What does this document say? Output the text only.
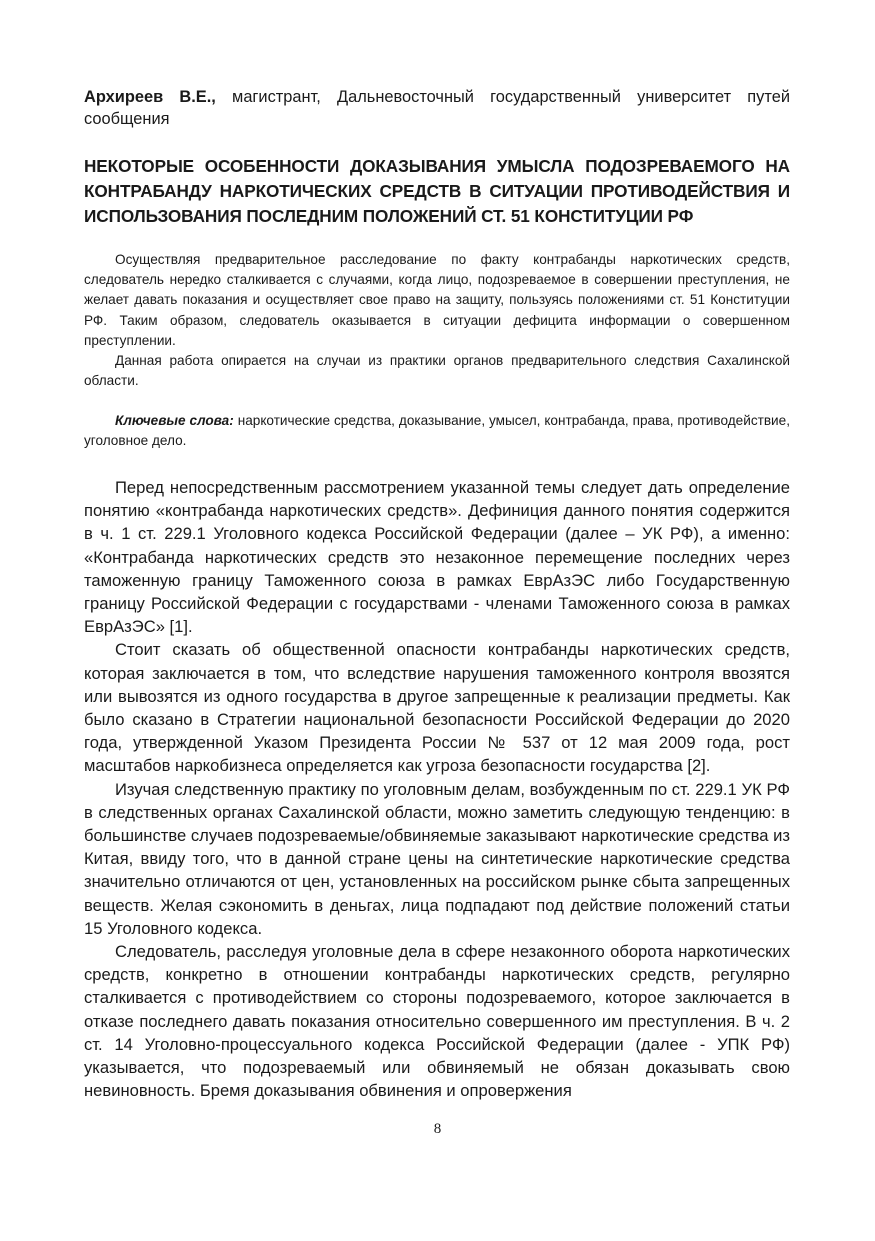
Архиреев В.Е., магистрант, Дальневосточный государственный университет путей сообщения
НЕКОТОРЫЕ ОСОБЕННОСТИ ДОКАЗЫВАНИЯ УМЫСЛА ПОДОЗРЕВАЕМОГО НА КОНТРАБАНДУ НАРКОТИЧЕСКИХ СРЕДСТВ В СИТУАЦИИ ПРОТИВОДЕЙСТВИЯ И ИСПОЛЬЗОВАНИЯ ПОСЛЕДНИМ ПОЛОЖЕНИЙ СТ. 51 КОНСТИТУЦИИ РФ

Осуществляя предварительное расследование по факту контрабанды наркотических средств, следователь нередко сталкивается с случаями, когда лицо, подозреваемое в совершении преступления, не желает давать показания и осуществляет свое право на защиту, пользуясь положениями ст. 51 Конституции РФ. Таким образом, следователь оказывается в ситуации дефицита информации о совершенном преступлении.

Данная работа опирается на случаи из практики органов предварительного следствия Сахалинской области.

Ключевые слова: наркотические средства, доказывание, умысел, контрабанда, права, противодействие, уголовное дело.

Перед непосредственным рассмотрением указанной темы следует дать определение понятию «контрабанда наркотических средств». Дефиниция данного понятия содержится в ч. 1 ст. 229.1 Уголовного кодекса Российской Федерации (далее – УК РФ), а именно: «Контрабанда наркотических средств это незаконное перемещение последних через таможенную границу Таможенного союза в рамках ЕврАзЭС либо Государственную границу Российской Федерации с государствами - членами Таможенного союза в рамках ЕврАзЭС» [1].

Стоит сказать об общественной опасности контрабанды наркотических средств, которая заключается в том, что вследствие нарушения таможенного контроля ввозятся или вывозятся из одного государства в другое запрещенные к реализации предметы. Как было сказано в Стратегии национальной безопасности Российской Федерации до 2020 года, утвержденной Указом Президента России № 537 от 12 мая 2009 года, рост масштабов наркобизнеса определяется как угроза безопасности государства [2].

Изучая следственную практику по уголовным делам, возбужденным по ст. 229.1 УК РФ в следственных органах Сахалинской области, можно заметить следующую тенденцию: в большинстве случаев подозреваемые/обвиняемые заказывают наркотические средства из Китая, ввиду того, что в данной стране цены на синтетические наркотические средства значительно отличаются от цен, установленных на российском рынке сбыта запрещенных веществ. Желая сэкономить в деньгах, лица подпадают под действие положений статьи 15 Уголовного кодекса.

Следователь, расследуя уголовные дела в сфере незаконного оборота наркотических средств, конкретно в отношении контрабанды наркотических средств, регулярно сталкивается с противодействием со стороны подозреваемого, которое заключается в отказе последнего давать показания относительно совершенного им преступления. В ч. 2 ст. 14 Уголовно-процессуального кодекса Российской Федерации (далее - УПК РФ) указывается, что подозреваемый или обвиняемый не обязан доказывать свою невиновность. Бремя доказывания обвинения и опровержения

8
